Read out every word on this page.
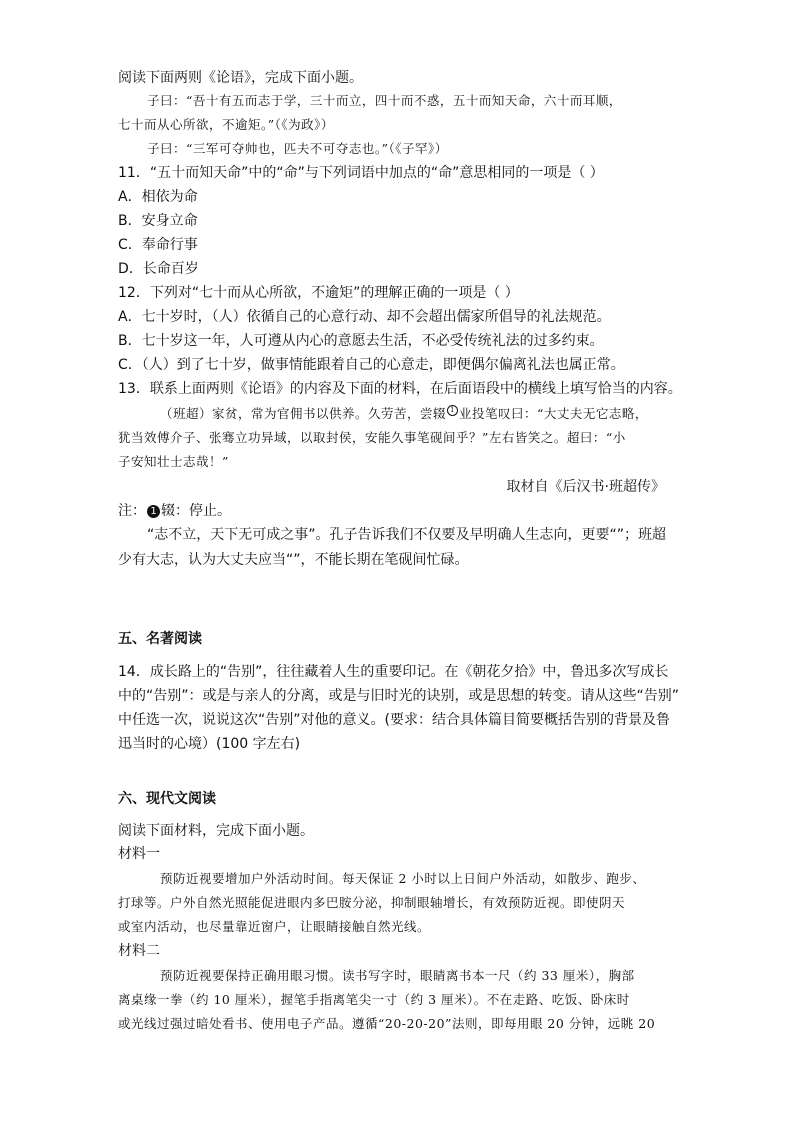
阅读下面两则《论语》，完成下面小题。
子曰：“吾十有五而志于学，三十而立，四十而不惑，五十而知天命，六十而耳顺，
七十而从心所欲，不逾矩。”（《为政》）
子曰：“三军可夺帅也，匹夫不可夺志也。”（《子罕》）
11．“五十而知天命”中的“命”与下列词语中加点的“命”意思相同的一项是（ ）
A．相依为命
B．安身立命
C．奉命行事
D．长命百岁
12．下列对“七十而从心所欲，不逾矩”的理解正确的一项是（ ）
A．七十岁时，（人）依循自己的心意行动、却不会超出儒家所倡导的礼法规范。
B．七十岁这一年，人可遵从内心的意愿去生活，不必受传统礼法的过多约束。
C．（人）到了七十岁，做事情能跟着自己的心意走，即便偶尔偏离礼法也属正常。
13．联系上面两则《论语》的内容及下面的材料，在后面语段中的横线上填写恰当的内容。
（班超）家贫，常为官佣书以供养。久劳苦，尝辍 1 业投笔叹曰：“大丈夫无它志略，
犹当效傅介子、张骞立功异域，以取封侯，安能久事笔砚间乎？”左右皆笑之。超曰：“小
子安知壮士志哉！”
取材自《后汉书·班超传》
注： 1 辍：停止。
“志不立，天下无可成之事”。孔子告诉我们不仅要及早明确人生志向，更要“”；班超
少有大志，认为大丈夫应当“”，不能长期在笔砚间忙碌。
五、名著阅读
14．成长路上的“告别”，往往藏着人生的重要印记。在《朝花夕拾》中，鲁迅多次写成长
中的“告别”：或是与亲人的分离，或是与旧时光的诀别，或是思想的转变。请从这些“告别”
中任选一次，说说这次“告别”对他的意义。(要求：结合具体篇目简要概括告别的背景及鲁
迅当时的心境）(100 字左右)
六、现代文阅读
阅读下面材料，完成下面小题。
材料一
预防近视要增加户外活动时间。每天保证 2 小时以上日间户外活动，如散步、跑步、
打球等。户外自然光照能促进眼内多巴胺分泌，抑制眼轴增长，有效预防近视。即使阴天
或室内活动，也尽量靠近窗户，让眼睛接触自然光线。
材料二
预防近视要保持正确用眼习惯。读书写字时，眼睛离书本一尺（约 33 厘米），胸部
离桌缘一拳（约 10 厘米），握笔手指离笔尖一寸（约 3 厘米）。不在走路、吃饭、卧床时
或光线过强过暗处看书、使用电子产品。遵循“20-20-20”法则，即每用眼 20 分钟，远眺 20
